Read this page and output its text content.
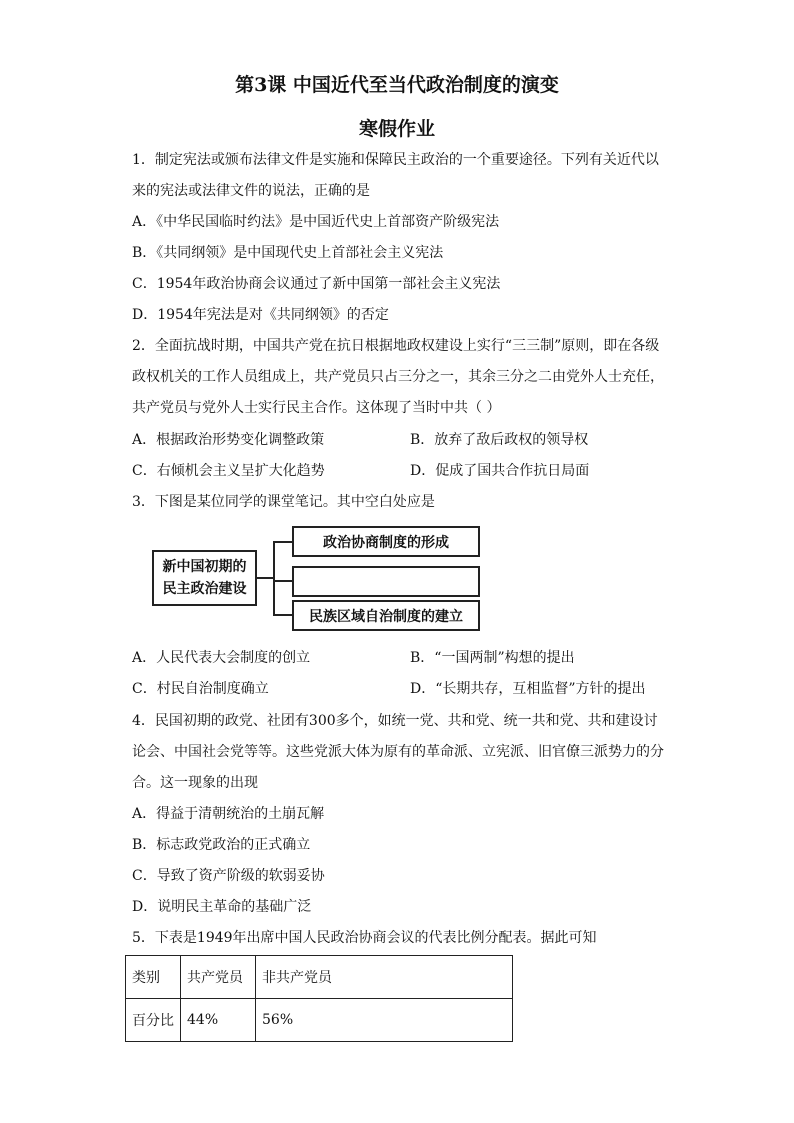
第3课 中国近代至当代政治制度的演变
寒假作业
1．制定宪法或颁布法律文件是实施和保障民主政治的一个重要途径。下列有关近代以
来的宪法或法律文件的说法，正确的是
A．《中华民国临时约法》是中国近代史上首部资产阶级宪法
B．《共同纲领》是中国现代史上首部社会主义宪法
C．1954年政治协商会议通过了新中国第一部社会主义宪法
D．1954年宪法是对《共同纲领》的否定
2．全面抗战时期，中国共产党在抗日根据地政权建设上实行“三三制”原则，即在各级
政权机关的工作人员组成上，共产党员只占三分之一，其余三分之二由党外人士充任，
共产党员与党外人士实行民主合作。这体现了当时中共（ ）
A．根据政治形势变化调整政策	B．放弃了敌后政权的领导权
C．右倾机会主义呈扩大化趋势	D．促成了国共合作抗日局面
3．下图是某位同学的课堂笔记。其中空白处应是
新中国初期的
民主政治建设
政治协商制度的形成
民族区域自治制度的建立
A．人民代表大会制度的创立	B．“一国两制”构想的提出
C．村民自治制度确立	D．“长期共存，互相监督”方针的提出
4．民国初期的政党、社团有300多个，如统一党、共和党、统一共和党、共和建设讨
论会、中国社会党等等。这些党派大体为原有的革命派、立宪派、旧官僚三派势力的分
合。这一现象的出现
A．得益于清朝统治的土崩瓦解
B．标志政党政治的正式确立
C．导致了资产阶级的软弱妥协
D．说明民主革命的基础广泛
5．下表是1949年出席中国人民政治协商会议的代表比例分配表。据此可知
类别	共产党员	非共产党员
百分比	44%	56%
